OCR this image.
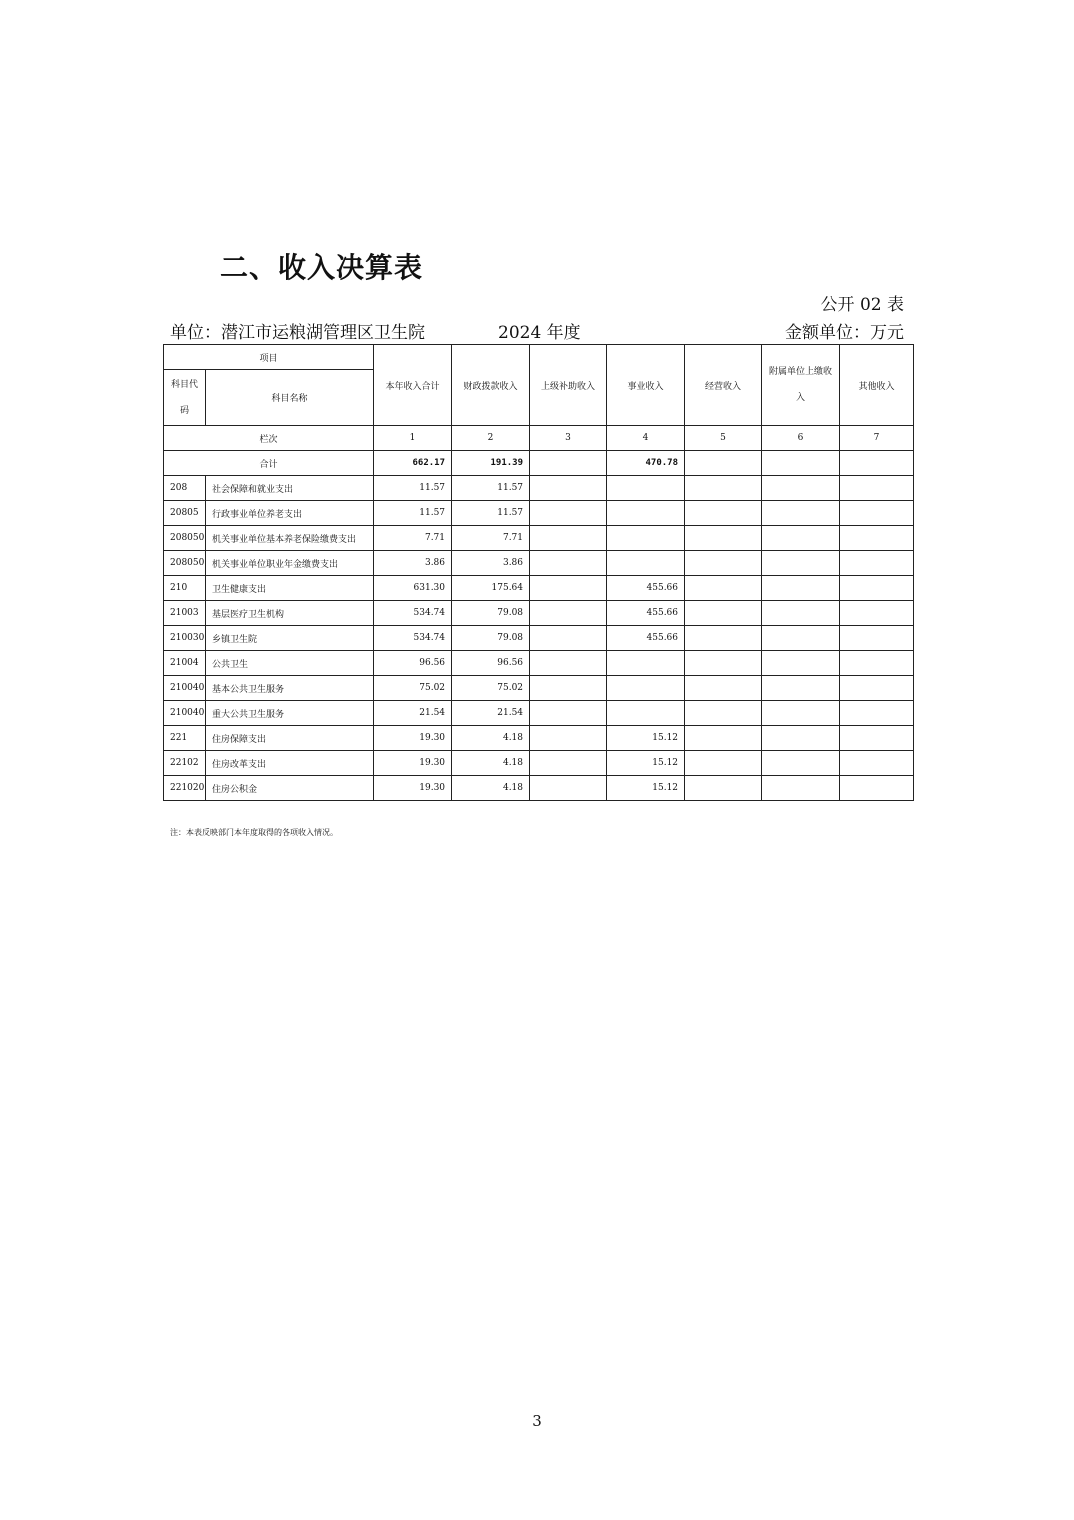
二、收入决算表
公开 02 表
单位：潜江市运粮湖管理区卫生院	2024 年度	金额单位：万元
项目		本年收入合计	财政拨款收入	上级补助收入	事业收入	经营收入	附属单位上缴收入	其他收入
科目代码	科目名称							
栏次		1	2	3	4	5	6	7
合计		662.17	191.39		470.78			
208	社会保障和就业支出	11.57	11.57					
20805	行政事业单位养老支出	11.57	11.57					
208050	机关事业单位基本养老保险缴费支出	7.71	7.71					
208050	机关事业单位职业年金缴费支出	3.86	3.86					
210	卫生健康支出	631.30	175.64		455.66			
21003	基层医疗卫生机构	534.74	79.08		455.66			
210030	乡镇卫生院	534.74	79.08		455.66			
21004	公共卫生	96.56	96.56					
210040	基本公共卫生服务	75.02	75.02					
210040	重大公共卫生服务	21.54	21.54					
221	住房保障支出	19.30	4.18		15.12			
22102	住房改革支出	19.30	4.18		15.12			
221020	住房公积金	19.30	4.18		15.12			
注：本表反映部门本年度取得的各项收入情况。
3
